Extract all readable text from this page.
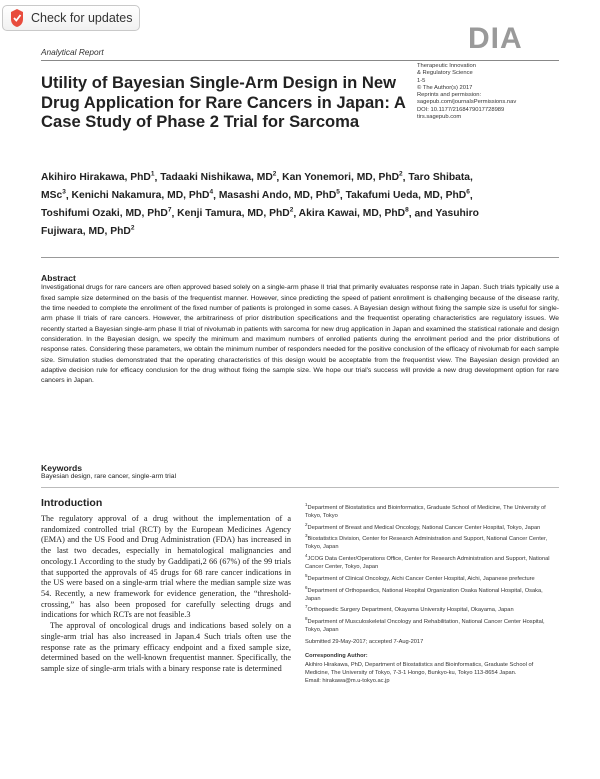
Check for updates
Analytical Report	DIA
Therapeutic Innovation
& Regulatory Science
1-5
© The Author(s) 2017
Reprints and permission:
sagepub.com/journalsPermissions.nav
DOI: 10.1177/2168479017728989
tirs.sagepub.com
Utility of Bayesian Single-Arm Design in New Drug Application for Rare Cancers in Japan: A Case Study of Phase 2 Trial for Sarcoma
Akihiro Hirakawa, PhD$^1$, Tadaaki Nishikawa, $MD^2$, Kan Yonemori, MD, PhD$^2$, Taro Shibata, MSc$^3$, Kenichi Nakamura, MD, PhD$^4$, Masashi Ando, MD, PhD$^5$, Takafumi Ueda, MD, PhD$^6$, Toshifumi Ozaki, MD, PhD$^7$, Kenji Tamura, MD, PhD$^2$, Akira Kawai, MD, PhD$^8$, and Yasuhiro Fujiwara, MD, PhD$^2$
Abstract
Investigational drugs for rare cancers are often approved based solely on a single-arm phase II trial that primarily evaluates response rate in Japan. Such trials typically use a fixed sample size determined on the basis of the frequentist manner. However, since predicting the speed of patient enrollment is challenging because of the disease rarity, the time needed to complete the enrollment of the fixed number of patients is prolonged in some cases. A Bayesian design without fixing the sample size is useful for single-arm phase II trials of rare cancers. However, the arbitrariness of prior distribution specifications and the frequentist operating characteristics are regulatory issues. We recently started a Bayesian single-arm phase II trial of nivolumab in patients with sarcoma for new drug application in Japan and examined the statistical rationale and design consideration. In the Bayesian design, we specify the minimum and maximum numbers of enrolled patients during the enrollment period and the prior distributions of response rates. Considering these parameters, we obtain the minimum number of responders needed for the positive conclusion of the efficacy of nivolumab for each sample size. Simulation studies demonstrated that the operating characteristics of this design would be acceptable from the frequentist view. The Bayesian design provided an adaptive decision rule for efficacy conclusion for the drug without fixing the sample size. We hope our trial's success will provide a new drug development option for rare cancers in Japan.
Keywords
Bayesian design, rare cancer, single-arm trial
Introduction

The regulatory approval of a drug without the implementation of a randomized controlled trial (RCT) by the European Medicines Agency (EMA) and the US Food and Drug Administration (FDA) has increased in the last two decades, especially in hematological malignancies and oncology.1 According to the study by Gaddipati,2 66 (67%) of the 99 trials that supported the approvals of 45 drugs for 68 rare cancer indications in the US were based on a single-arm trial where the median sample size was 54. Recently, a new framework for evidence generation, the “threshold-crossing,” has also been proposed for carefully selecting drugs and indications for which RCTs are not feasible.3

The approval of oncological drugs and indications based solely on a single-arm trial has also increased in Japan.4 Such trials often use the response rate as the primary efficacy endpoint and a fixed sample size, determined based on the well-known frequentist manner. Specifically, the sample size of single-arm trials with a binary response rate is determined

$^1$Department of Biostatistics and Bioinformatics, Graduate School of Medicine, The University of Tokyo, Tokyo
$^2$Department of Breast and Medical Oncology, National Cancer Center Hospital, Tokyo, Japan
$^3$Biostatistics Division, Center for Research Administration and Support, National Cancer Center, Tokyo, Japan
$^4$JCOG Data Center/Operations Office, Center for Research Administration and Support, National Cancer Center, Tokyo, Japan
$^5$Department of Clinical Oncology, Aichi Cancer Center Hospital, Aichi, Japanese prefecture
$^6$Department of Orthopaedics, National Hospital Organization Osaka National Hospital, Osaka, Japan
$^7$Orthopaedic Surgery Department, Okayama University Hospital, Okayama, Japan
$^8$Department of Musculoskeletal Oncology and Rehabilitation, National Cancer Center Hospital, Tokyo, Japan
Submitted 29-May-2017; accepted 7-Aug-2017
Corresponding Author:
Akihiro Hirakawa, PhD, Department of Biostatistics and Bioinformatics, Graduate School of Medicine, The University of Tokyo, 7-3-1 Hongo, Bunkyo-ku, Tokyo 113-8654 Japan.
Email: hirakawa@m.u-tokyo.ac.jp
